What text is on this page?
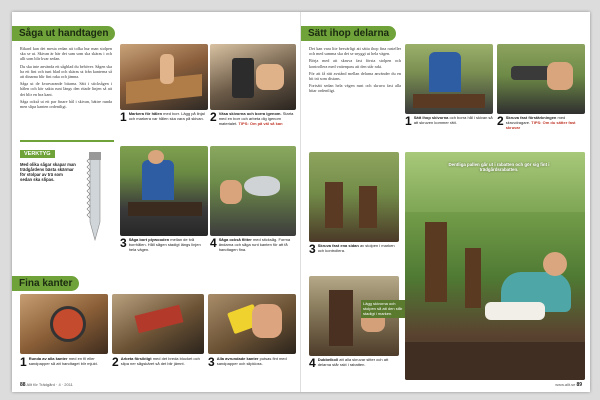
Såga ut handtagen

Rikard kan det mesta redan att tolka hur man stolpen ska se ut. Skivan är här det sam som ska skäras i och allt som blir kvar sedan.

Du ska inte använda ett sågblad du behöver. Sågen ska ha ett fint och tunt blad och skäras ut från kanterna så att dinarna blir fint raka och jämna.

Såga ut de kvarvarande bitarna. Sätt i sticksågen i hålen och kör sakta runt längs den ritade linjen så att det blir en bra kant.

Såga också ut ett par finare hål i skivan, bättre runda men slipa kanten ordentligt.

VERKTYG
Med olika sågar skapar man trädgårdens bästa skärmar för stolpar av trä som sedan ska slipas.
1 Markera för hålen med borr. Lägg på linjal och markera var hålen ska vara på skivan. 2 Väsa skivorna och borra igenom. Starta med en borr och arbeta dig igenom materialet. TIPS: Om på väl så kan
3 Såga bort plywooden mellan de två borrhålen. Håll sågen stadigt längs linjen hela vägen.	4 Såga också flitter med sticksåg. Forma ändarna och såga runt kanten för att få handtagen fina.
Fina kanter
1 Runda av alla kanter med en fil eller sandpapper så att handtaget blir mjukt.	2 Arbeta försiktigt med det breda blocket och slipa ner sågskäret så det blir jämnt.	3 Alla avrundade kanter putsas fint med sandpapper och slipkloss.
88 Allt för Trädgård · 4 · 2011
Sätt ihop delarna

Det kan vara lite besvärligt att sätta ihop fina rasteller och med samma ska det se snyggt ut hela vägen.

Börja med att skruva fast första stolpen och kontrollera med vattenpass att den står rakt.

För att få rätt avstånd mellan delarna använder du en bit trä som distans.

Fortsätt sedan hela vägen runt och skruva fast alla bitar ordentligt.

1 Sätt ihop skivorna och borra hål i skivan så att skruven kommer rätt.	2 Skruva fast förstärkningen med skruvdragare. TIPS: Om du sätter fast skruvar
3 Skruva fast ena sidan av stolpen i marken och kontrollera.
Lägg skivorna och stolpen så att den står stadigt i marken.
4 Dubbelkoll att alla skruvar sitter och att delarna står rakt i rabatten.
Dentliga pallen går ut i rabatten och gör sig fint i trädgårdsrabatten.
www.allt.se 89
